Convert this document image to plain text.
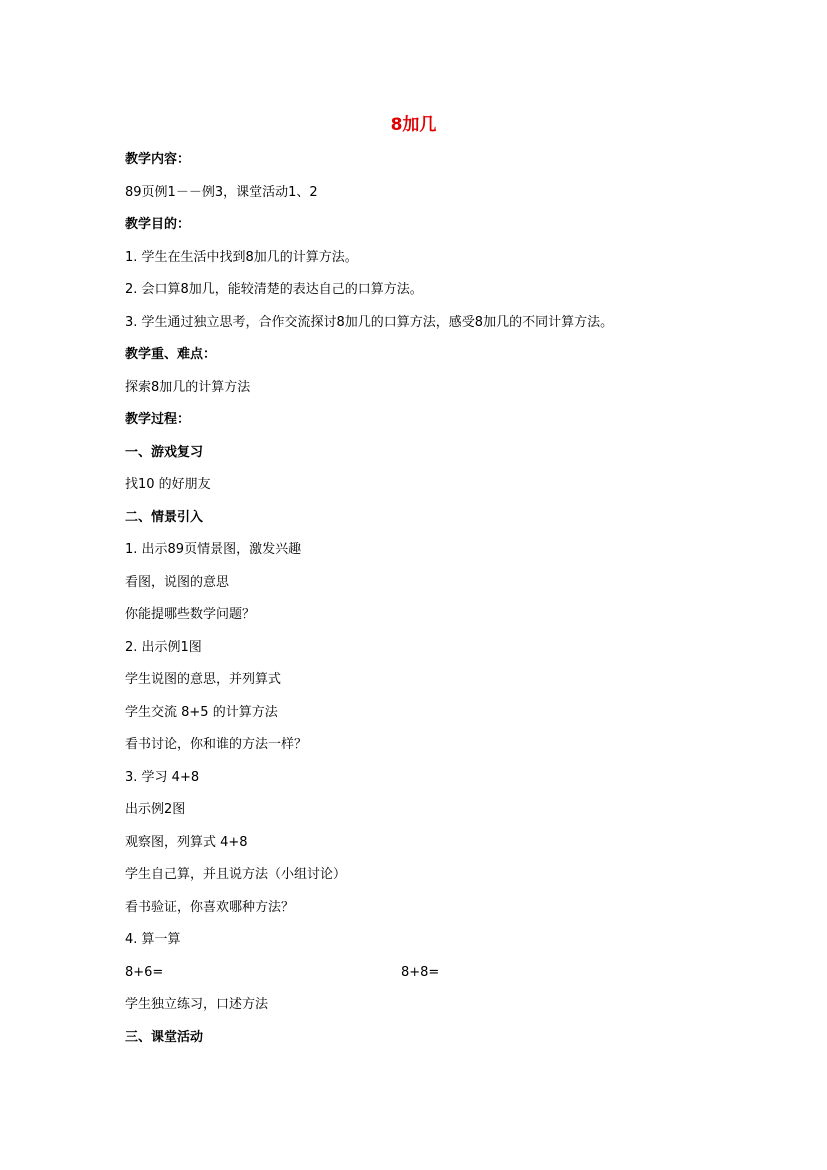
8加几
教学内容：
89页例1－－例3，课堂活动1、2
教学目的：
1. 学生在生活中找到8加几的计算方法。
2. 会口算8加几，能较清楚的表达自己的口算方法。
3. 学生通过独立思考，合作交流探讨8加几的口算方法，感受8加几的不同计算方法。
教学重、难点：
探索8加几的计算方法
教学过程：
一、游戏复习
找10 的好朋友
二、情景引入
1. 出示89页情景图，激发兴趣
看图，说图的意思
你能提哪些数学问题？
2. 出示例1图
学生说图的意思，并列算式
学生交流 8+5 的计算方法
看书讨论，你和谁的方法一样？
3. 学习 4+8
出示例2图
观察图，列算式 4+8
学生自己算，并且说方法（小组讨论）
看书验证，你喜欢哪种方法？
4. 算一算
8+6=	8+8=
学生独立练习，口述方法
三、课堂活动
